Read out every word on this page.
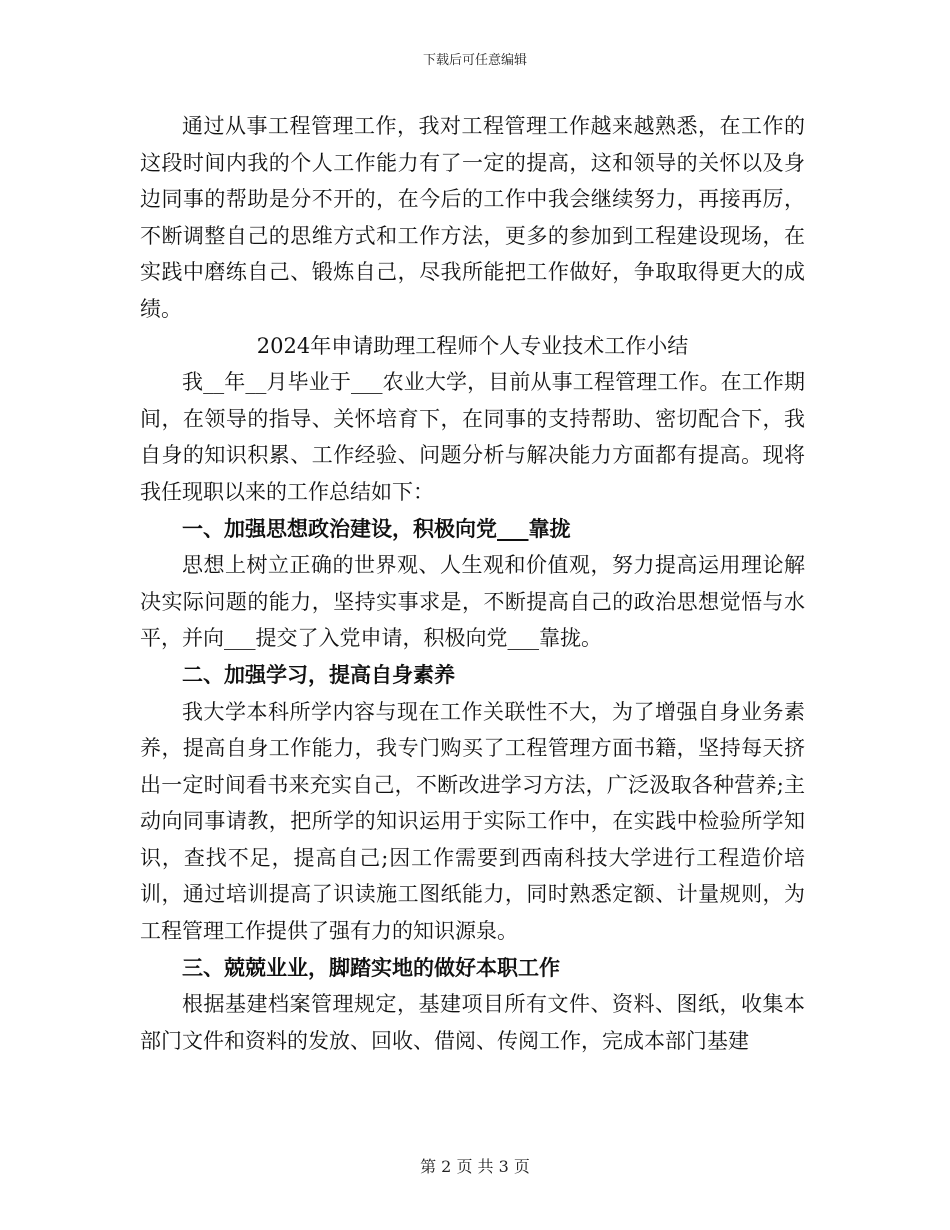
下载后可任意编辑

通过从事工程管理工作，我对工程管理工作越来越熟悉，在工作的这段时间内我的个人工作能力有了一定的提高，这和领导的关怀以及身边同事的帮助是分不开的，在今后的工作中我会继续努力，再接再厉，不断调整自己的思维方式和工作方法，更多的参加到工程建设现场，在实践中磨练自己、锻炼自己，尽我所能把工作做好，争取取得更大的成绩。

2024年申请助理工程师个人专业技术工作小结

我__年__月毕业于___农业大学，目前从事工程管理工作。在工作期间，在领导的指导、关怀培育下，在同事的支持帮助、密切配合下，我自身的知识积累、工作经验、问题分析与解决能力方面都有提高。现将我任现职以来的工作总结如下：

一、加强思想政治建设，积极向党___靠拢

思想上树立正确的世界观、人生观和价值观，努力提高运用理论解决实际问题的能力，坚持实事求是，不断提高自己的政治思想觉悟与水平，并向___提交了入党申请，积极向党___靠拢。

二、加强学习，提高自身素养

我大学本科所学内容与现在工作关联性不大，为了增强自身业务素养，提高自身工作能力，我专门购买了工程管理方面书籍，坚持每天挤出一定时间看书来充实自己，不断改进学习方法，广泛汲取各种营养;主动向同事请教，把所学的知识运用于实际工作中，在实践中检验所学知识，查找不足，提高自己;因工作需要到西南科技大学进行工程造价培训，通过培训提高了识读施工图纸能力，同时熟悉定额、计量规则，为工程管理工作提供了强有力的知识源泉。

三、兢兢业业，脚踏实地的做好本职工作

根据基建档案管理规定，基建项目所有文件、资料、图纸，收集本部门文件和资料的发放、回收、借阅、传阅工作，完成本部门基建

第 2 页 共 3 页
